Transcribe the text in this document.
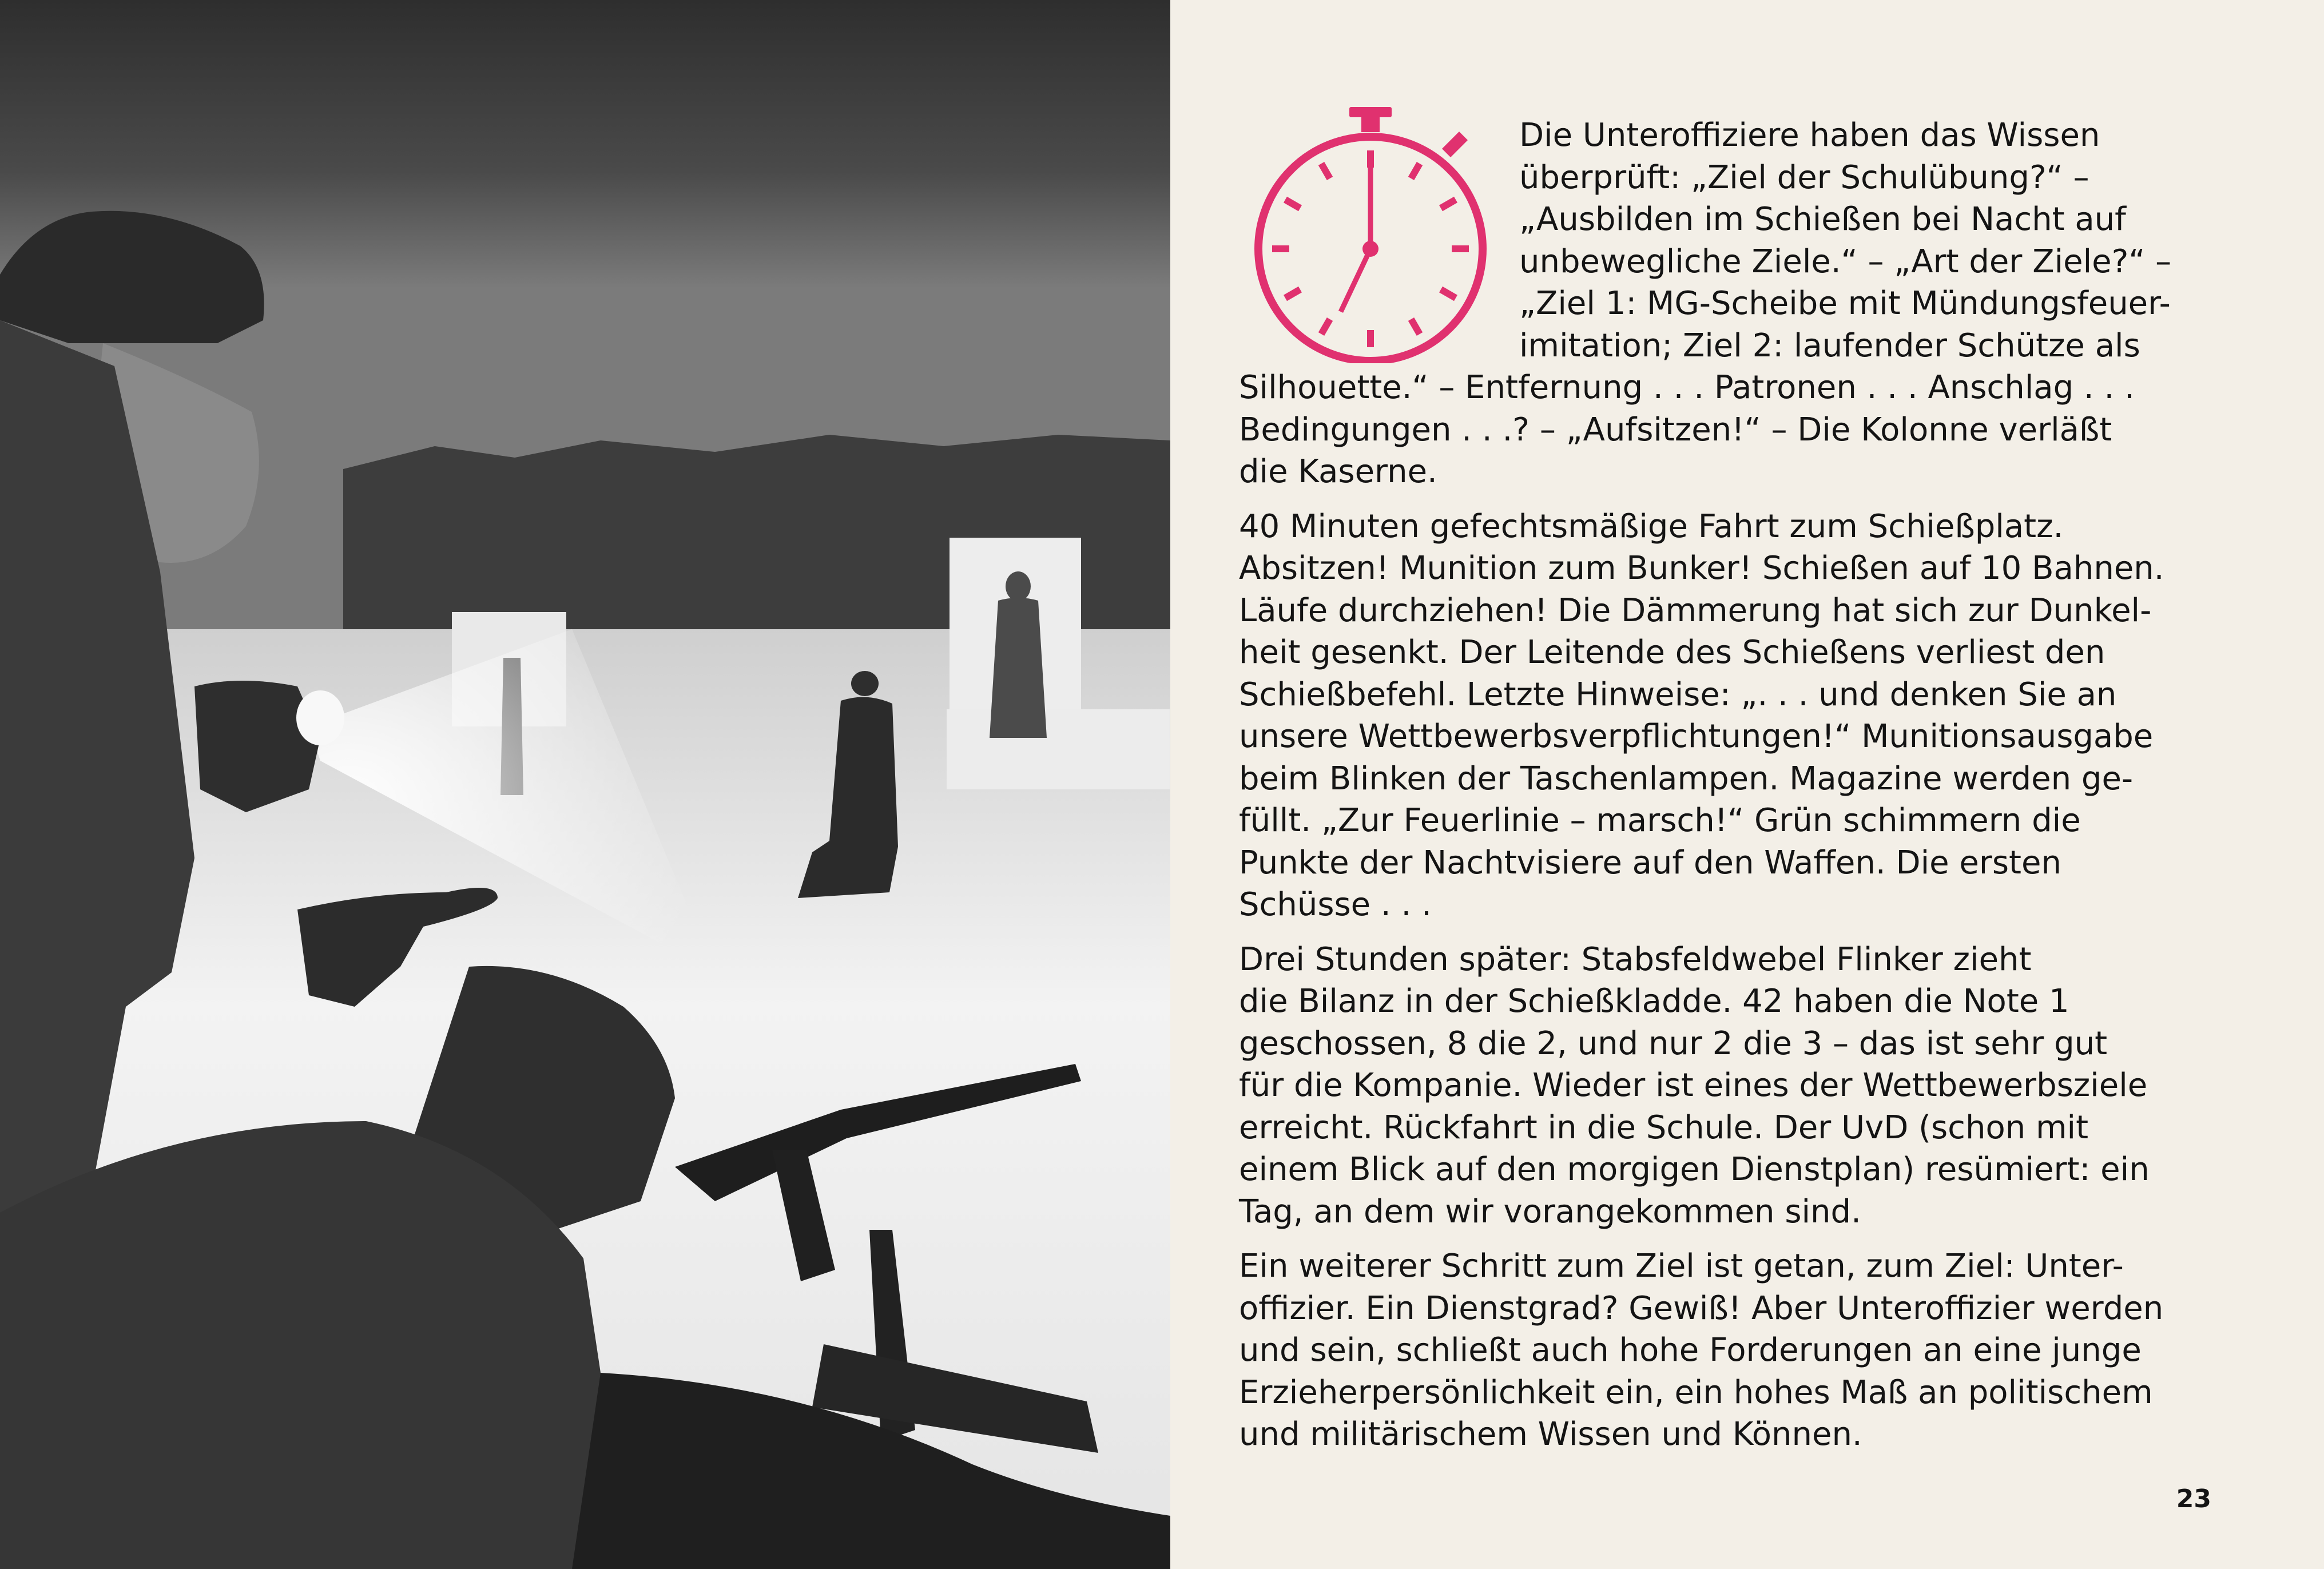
Die Unteroffiziere haben das Wissen
überprüft: „Ziel der Schulübung?“ –
„Ausbilden im Schießen bei Nacht auf
unbewegliche Ziele.“ – „Art der Ziele?“ –
„Ziel 1: MG-Scheibe mit Mündungsfeuer-
imitation; Ziel 2: laufender Schütze als
Silhouette.“ – Entfernung . . . Patronen . . . Anschlag . . .
Bedingungen . . .? – „Aufsitzen!“ – Die Kolonne verläßt
die Kaserne.

40 Minuten gefechtsmäßige Fahrt zum Schießplatz.
Absitzen! Munition zum Bunker! Schießen auf 10 Bahnen.
Läufe durchziehen! Die Dämmerung hat sich zur Dunkel-
heit gesenkt. Der Leitende des Schießens verliest den
Schießbefehl. Letzte Hinweise: „. . . und denken Sie an
unsere Wettbewerbsverpflichtungen!“ Munitionsausgabe
beim Blinken der Taschenlampen. Magazine werden ge-
füllt. „Zur Feuerlinie – marsch!“ Grün schimmern die
Punkte der Nachtvisiere auf den Waffen. Die ersten
Schüsse . . .

Drei Stunden später: Stabsfeldwebel Flinker zieht
die Bilanz in der Schießkladde. 42 haben die Note 1
geschossen, 8 die 2, und nur 2 die 3 – das ist sehr gut
für die Kompanie. Wieder ist eines der Wettbewerbsziele
erreicht. Rückfahrt in die Schule. Der UvD (schon mit
einem Blick auf den morgigen Dienstplan) resümiert: ein
Tag, an dem wir vorangekommen sind.

Ein weiterer Schritt zum Ziel ist getan, zum Ziel: Unter-
offizier. Ein Dienstgrad? Gewiß! Aber Unteroffizier werden
und sein, schließt auch hohe Forderungen an eine junge
Erzieherpersönlichkeit ein, ein hohes Maß an politischem
und militärischem Wissen und Können.

23
